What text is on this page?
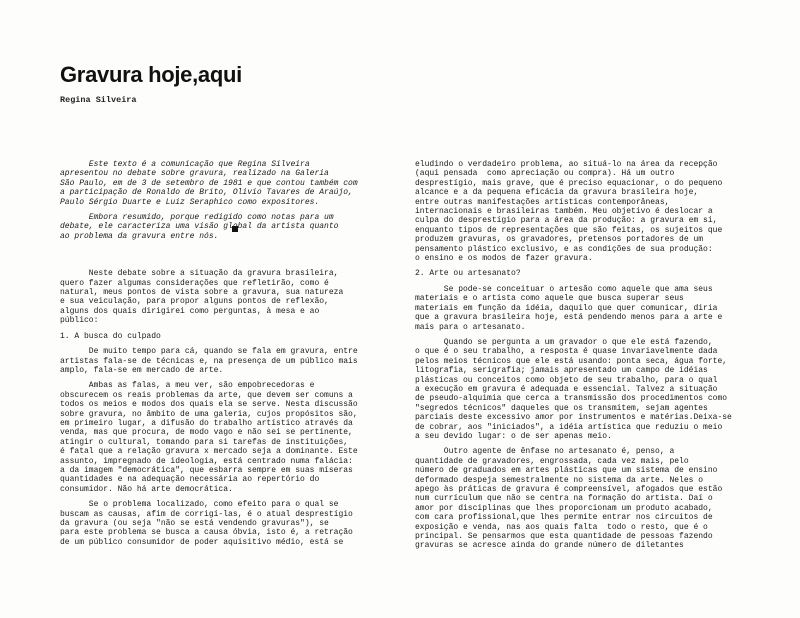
Gravura hoje,aqui

Regina Silveira

Este texto é a comunicação que Regina Silveira
apresentou no debate sobre gravura, realizado na Galeria
São Paulo, em de 3 de setembro de 1981 e que contou também com
a participação de Ronaldo de Brito, Olivio Tavares de Araújo,
Paulo Sérgio Duarte e Luiz Seraphico como expositores.
Embora resumido, porque redigido como notas para um
debate, ele caracteriza uma visão global da artista quanto
ao problema da gravura entre nós.
Neste debate sobre a situação da gravura brasileira,
quero fazer algumas considerações que refletirão, como é
natural, meus pontos de vista sobre a gravura, sua natureza
e sua veiculação, para propor alguns pontos de reflexão,
alguns dos quais dirigirei como perguntas, à mesa e ao
público:

1. A busca do culpado

De muito tempo para cá, quando se fala em gravura, entre
artistas fala-se de técnicas e, na presença de um público mais
amplo, fala-se em mercado de arte.
Ambas as falas, a meu ver, são empobrecedoras e
obscurecem os reais problemas da arte, que devem ser comuns a
todos os meios e modos dos quais ela se serve. Nesta discussão
sobre gravura, no âmbito de uma galeria, cujos propósitos são,
em primeiro lugar, a difusão do trabalho artístico através da
venda, mas que procura, de modo vago e não sei se pertinente,
atingir o cultural, tomando para si tarefas de instituições,
é fatal que a relação gravura x mercado seja a dominante. Este
assunto, impregnado de ideologia, está centrado numa falácia:
a da imagem "democrática", que esbarra sempre em suas míseras
quantidades e na adequação necessária ao repertório do
consumidor. Não há arte democrática.
Se o problema localizado, como efeito para o qual se
buscam as causas, afim de corrigí-las, é o atual desprestígio
da gravura (ou seja "não se está vendendo gravuras"), se
para este problema se busca a causa óbvia, isto é, a retração
de um público consumidor de poder aquisitivo médio, está se
eludindo o verdadeiro problema, ao situá-lo na área da recepção
(aqui pensada  como apreciação ou compra). Há um outro
desprestígio, mais grave, que é preciso equacionar, o do pequeno
alcance e a da pequena eficácia da gravura brasileira hoje,
entre outras manifestações artísticas contemporâneas,
internacionais e brasileiras também. Meu objetivo é deslocar a
culpa do desprestígio para a área da produção: a gravura em si,
enquanto tipos de representações que são feitas, os sujeitos que
produzem gravuras, os gravadores, pretensos portadores de um
pensamento plástico exclusivo, e as condições de sua produção:
o ensino e os modos de fazer gravura.

2. Arte ou artesanato?

Se pode-se conceituar o artesão como aquele que ama seus
materiais e o artista como aquele que busca superar seus
materiais em função da idéia, daquilo que quer comunicar, diria
que a gravura brasileira hoje, está pendendo menos para a arte e
mais para o artesanato.
Quando se pergunta a um gravador o que ele está fazendo,
o que é o seu trabalho, a resposta é quase invariavelmente dada
pelos meios técnicos que ele está usando: ponta seca, água forte,
litografia, serigrafia; jamais apresentado um campo de idéias
plásticas ou conceitos como objeto de seu trabalho, para o qual
a execução em gravura é adequada e essencial. Talvez a situação
de pseudo-alquimia que cerca a transmissão dos procedimentos como
"segredos técnicos" daqueles que os transmitem, sejam agentes
parciais deste excessivo amor por instrumentos e matérias.Deixa-se
de cobrar, aos "iniciados", a idéia artística que reduziu o meio
a seu devido lugar: o de ser apenas meio.
Outro agente de ênfase no artesanato é, penso, a
quantidade de gravadores, engrossada, cada vez mais, pelo
número de graduados em artes plásticas que um sistema de ensino
deformado despeja semestralmente no sistema da arte. Neles o
apego às práticas de gravura é compreensível, afogados que estão
num currículum que não se centra na formação do artista. Daí o
amor por disciplinas que lhes proporcionam um produto acabado,
com cara profissional,que lhes permite entrar nos circuitos de
exposição e venda, nas aos quais falta  todo o resto, que é o
principal. Se pensarmos que esta quantidade de pessoas fazendo
gravuras se acresce ainda do grande número de diletantes
